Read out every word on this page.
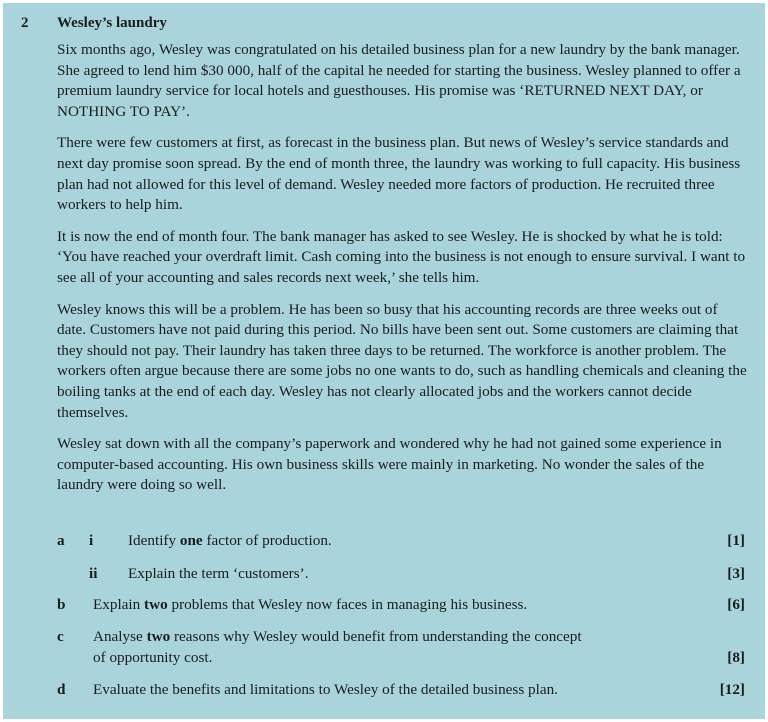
2 Wesley’s laundry

Six months ago, Wesley was congratulated on his detailed business plan for a new laundry by the bank manager. She agreed to lend him $30 000, half of the capital he needed for starting the business. Wesley planned to offer a premium laundry service for local hotels and guesthouses. His promise was ‘RETURNED NEXT DAY, or NOTHING TO PAY’.

There were few customers at first, as forecast in the business plan. But news of Wesley’s service standards and next day promise soon spread. By the end of month three, the laundry was working to full capacity. His business plan had not allowed for this level of demand. Wesley needed more factors of production. He recruited three workers to help him.

It is now the end of month four. The bank manager has asked to see Wesley. He is shocked by what he is told: ‘You have reached your overdraft limit. Cash coming into the business is not enough to ensure survival. I want to see all of your accounting and sales records next week,’ she tells him.

Wesley knows this will be a problem. He has been so busy that his accounting records are three weeks out of date. Customers have not paid during this period. No bills have been sent out. Some customers are claiming that they should not pay. Their laundry has taken three days to be returned. The workforce is another problem. The workers often argue because there are some jobs no one wants to do, such as handling chemicals and cleaning the boiling tanks at the end of each day. Wesley has not clearly allocated jobs and the workers cannot decide themselves.

Wesley sat down with all the company’s paperwork and wondered why he had not gained some experience in computer-based accounting. His own business skills were mainly in marketing. No wonder the sales of the laundry were doing so well.

a i Identify one factor of production.	[1]
ii Explain the term ‘customers’.	[3]
b Explain two problems that Wesley now faces in managing his business.	[6]
c Analyse two reasons why Wesley would benefit from understanding the concept
of opportunity cost.	[8]
d Evaluate the benefits and limitations to Wesley of the detailed business plan.	[12]
